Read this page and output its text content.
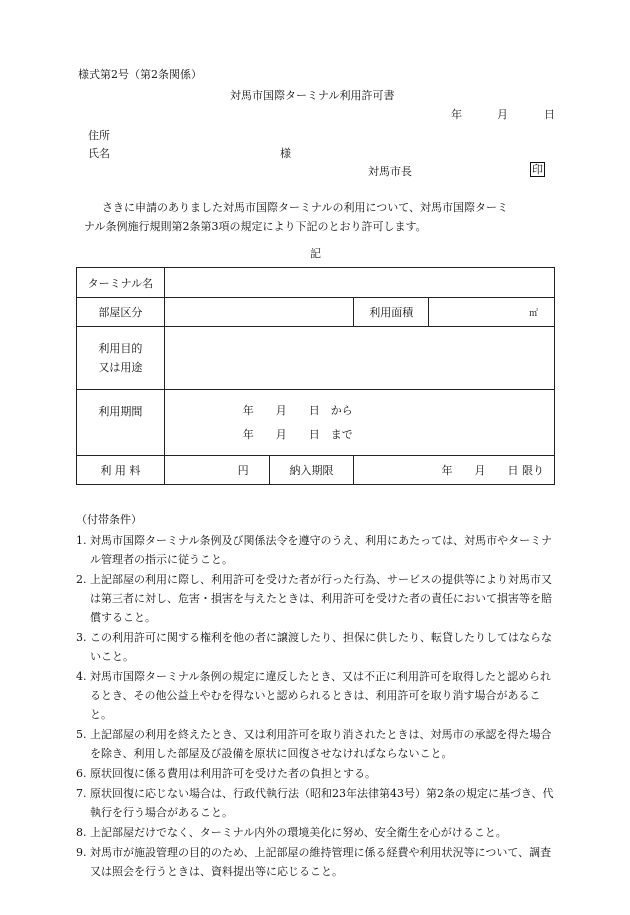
様式第2号（第2条関係）
対馬市国際ターミナル利用許可書
年	月	日
住所
氏名	様
対馬市長	印

さきに申請のありました対馬市国際ターミナルの利用について、対馬市国際ターミ

ナル条例施行規則第2条第3項の規定により下記のとおり許可します。

記
ターミナル名				
部屋区分			利用面積	㎡

利用目的
又は用途				

利用期間	年　　月　　日　から
年　　月　　日　まで			

利 用 料	円	納入期限	年　　月　　日 限り	
（付帯条件）
1. 対馬市国際ターミナル条例及び関係法令を遵守のうえ、利用にあたっては、対馬市やターミナル管理者の指示に従うこと。
2. 上記部屋の利用に際し、利用許可を受けた者が行った行為、サービスの提供等により対馬市又は第三者に対し、危害・損害を与えたときは、利用許可を受けた者の責任において損害等を賠償すること。
3. この利用許可に関する権利を他の者に譲渡したり、担保に供したり、転貸したりしてはならないこと。
4. 対馬市国際ターミナル条例の規定に違反したとき、又は不正に利用許可を取得したと認められるとき、その他公益上やむを得ないと認められるときは、利用許可を取り消す場合があること。
5. 上記部屋の利用を終えたとき、又は利用許可を取り消されたときは、対馬市の承認を得た場合を除き、利用した部屋及び設備を原状に回復させなければならないこと。
6. 原状回復に係る費用は利用許可を受けた者の負担とする。
7. 原状回復に応じない場合は、行政代執行法（昭和23年法律第43号）第2条の規定に基づき、代執行を行う場合があること。
8. 上記部屋だけでなく、ターミナル内外の環境美化に努め、安全衛生を心がけること。
9. 対馬市が施設管理の目的のため、上記部屋の維持管理に係る経費や利用状況等について、調査又は照会を行うときは、資料提出等に応じること。
